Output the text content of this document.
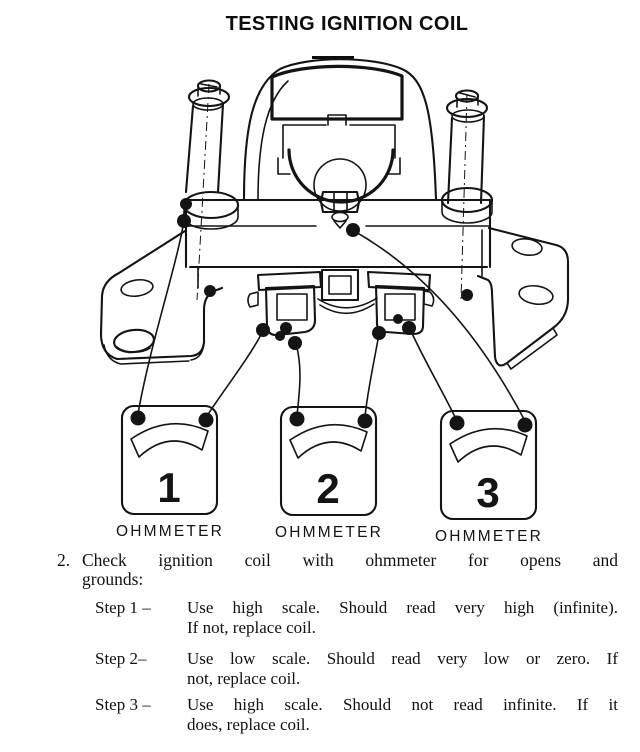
TESTING IGNITION COIL
1
OHMMETER
2
OHMMETER
3
OHMMETER
2. Check ignition coil with ohmmeter for opens and
grounds:
Step 1 –	Use high scale. Should read very high (infinite).
If not, replace coil.
Step 2–	Use low scale. Should read very low or zero. If
not, replace coil.
Step 3 –	Use high scale. Should not read infinite. If it
does, replace coil.
